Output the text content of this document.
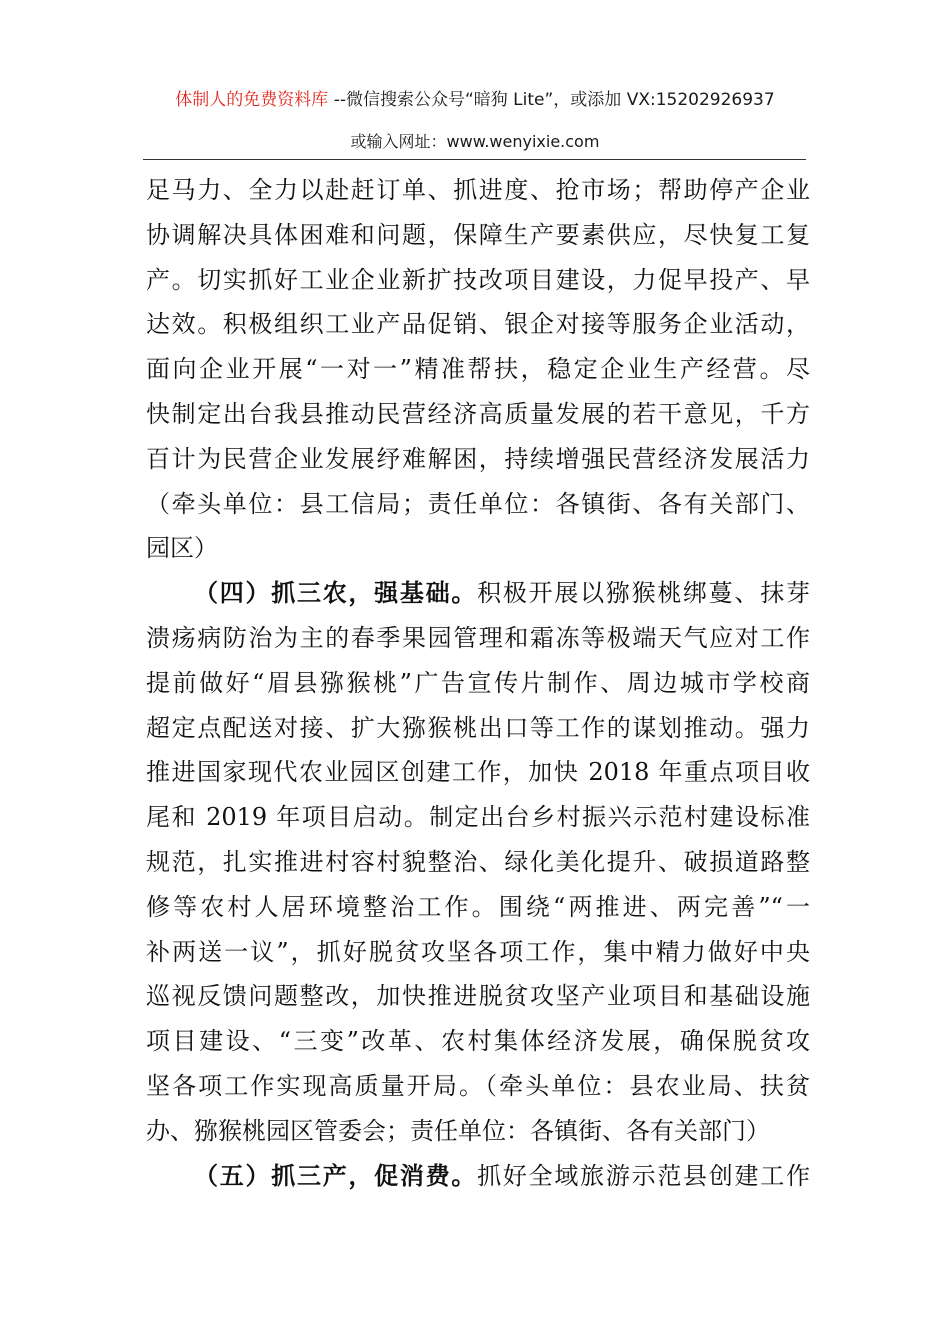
体制人的免费资料库 --微信搜索公众号“暗狗 Lite”，或添加 VX:15202926937
或输入网址：www.wenyixie.com
足马力、全力以赴赶订单、抓进度、抢市场；帮助停产企业
协调解决具体困难和问题，保障生产要素供应，尽快复工复
产。切实抓好工业企业新扩技改项目建设，力促早投产、早
达效。积极组织工业产品促销、银企对接等服务企业活动，
面向企业开展“一对一”精准帮扶，稳定企业生产经营。尽
快制定出台我县推动民营经济高质量发展的若干意见，千方
百计为民营企业发展纾难解困，持续增强民营经济发展活力
（牵头单位：县工信局；责任单位：各镇街、各有关部门、
园区）
（四）抓三农，强基础。积极开展以猕猴桃绑蔓、抹芽
溃疡病防治为主的春季果园管理和霜冻等极端天气应对工作
提前做好“眉县猕猴桃”广告宣传片制作、周边城市学校商
超定点配送对接、扩大猕猴桃出口等工作的谋划推动。强力
推进国家现代农业园区创建工作，加快 2018 年重点项目收
尾和 2019 年项目启动。制定出台乡村振兴示范村建设标准
规范，扎实推进村容村貌整治、绿化美化提升、破损道路整
修等农村人居环境整治工作。围绕“两推进、两完善”“一
补两送一议”，抓好脱贫攻坚各项工作，集中精力做好中央
巡视反馈问题整改，加快推进脱贫攻坚产业项目和基础设施
项目建设、“三变”改革、农村集体经济发展，确保脱贫攻
坚各项工作实现高质量开局。（牵头单位：县农业局、扶贫
办、猕猴桃园区管委会；责任单位：各镇街、各有关部门）
（五）抓三产，促消费。抓好全域旅游示范县创建工作
